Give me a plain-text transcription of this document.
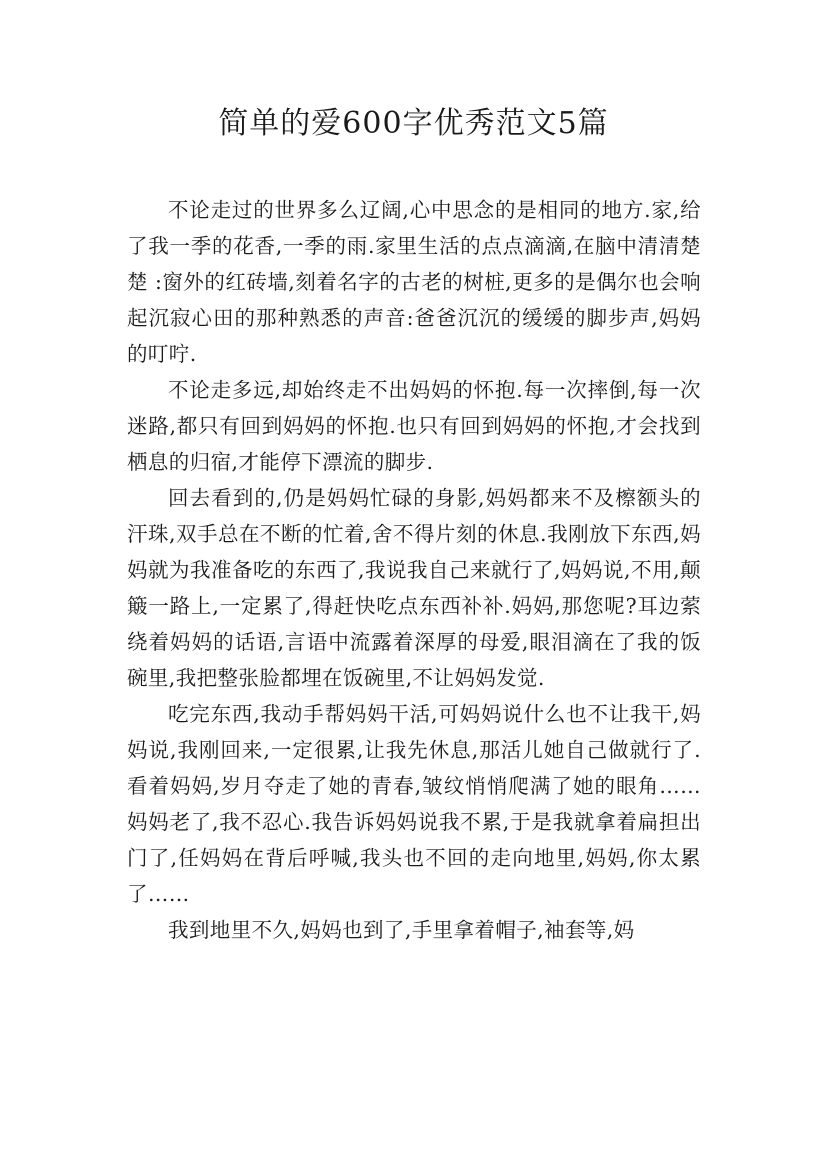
简单的爱600字优秀范文5篇

不论走过的世界多么辽阔,心中思念的是相同的地方.家,给了我一季的花香,一季的雨.家里生活的点点滴滴,在脑中清清楚楚 :窗外的红砖墙,刻着名字的古老的树桩,更多的是偶尔也会响起沉寂心田的那种熟悉的声音:爸爸沉沉的缓缓的脚步声,妈妈的叮咛.

不论走多远,却始终走不出妈妈的怀抱.每一次摔倒,每一次迷路,都只有回到妈妈的怀抱.也只有回到妈妈的怀抱,才会找到栖息的归宿,才能停下漂流的脚步.

回去看到的,仍是妈妈忙碌的身影,妈妈都来不及檫额头的汗珠,双手总在不断的忙着,舍不得片刻的休息.我刚放下东西,妈妈就为我准备吃的东西了,我说我自己来就行了,妈妈说,不用,颠簸一路上,一定累了,得赶快吃点东西补补.妈妈,那您呢?耳边萦绕着妈妈的话语,言语中流露着深厚的母爱,眼泪滴在了我的饭碗里,我把整张脸都埋在饭碗里,不让妈妈发觉.

吃完东西,我动手帮妈妈干活,可妈妈说什么也不让我干,妈妈说,我刚回来,一定很累,让我先休息,那活儿她自己做就行了.看着妈妈,岁月夺走了她的青春,皱纹悄悄爬满了她的眼角……妈妈老了,我不忍心.我告诉妈妈说我不累,于是我就拿着扁担出门了,任妈妈在背后呼喊,我头也不回的走向地里,妈妈,你太累了……

我到地里不久,妈妈也到了,手里拿着帽子,袖套等,妈
